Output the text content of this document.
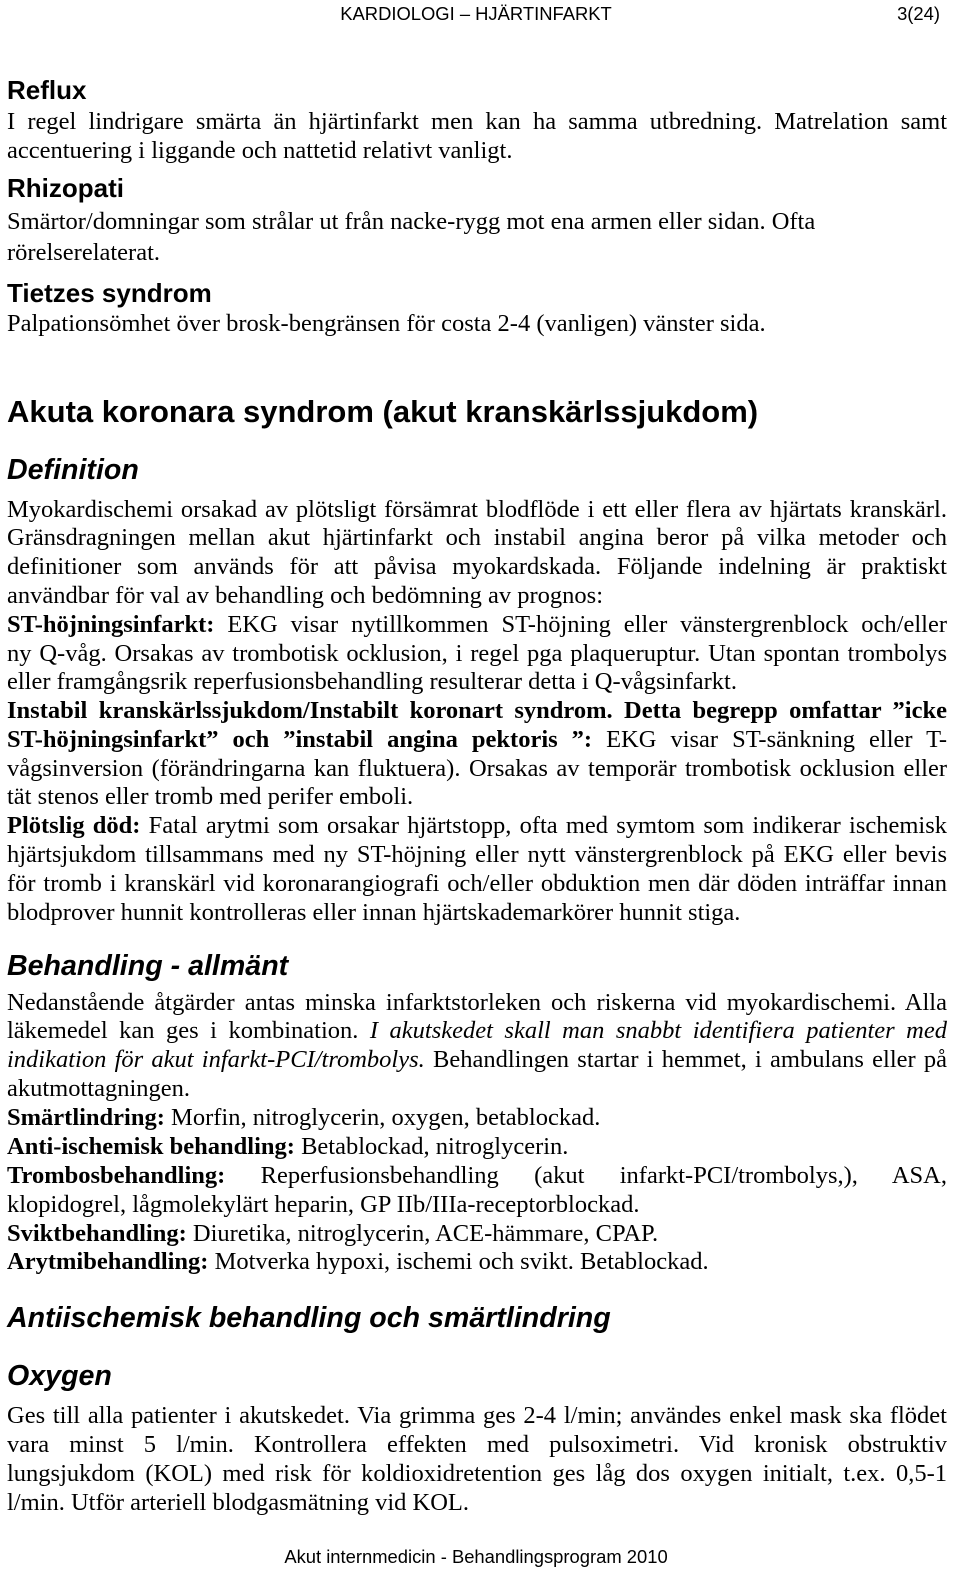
KARDIOLOGI – HJÄRTINFARKT	3(24)
Reflux
I regel lindrigare smärta än hjärtinfarkt men kan ha samma utbredning. Matrelation samt
accentuering i liggande och nattetid relativt vanligt.
Rhizopati
Smärtor/domningar som strålar ut från nacke-rygg mot ena armen eller sidan. Ofta
rörelserelaterat.
Tietzes syndrom
Palpationsömhet över brosk-bengränsen för costa 2-4 (vanligen) vänster sida.
Akuta koronara syndrom (akut kranskärlssjukdom)
Definition
Myokardischemi orsakad av plötsligt försämrat blodflöde i ett eller flera av hjärtats kranskärl.
Gränsdragningen mellan akut hjärtinfarkt och instabil angina beror på vilka metoder och
definitioner som används för att påvisa myokardskada. Följande indelning är praktiskt
användbar för val av behandling och bedömning av prognos:
ST-höjningsinfarkt: EKG visar nytillkommen ST-höjning eller vänstergrenblock och/eller
ny Q-våg. Orsakas av trombotisk ocklusion, i regel pga plaqueruptur. Utan spontan trombolys
eller framgångsrik reperfusionsbehandling resulterar detta i Q-vågsinfarkt.
Instabil kranskärlssjukdom/Instabilt koronart syndrom. Detta begrepp omfattar ”icke
ST-höjningsinfarkt” och ”instabil angina pektoris ”: EKG visar ST-sänkning eller T-
vågsinversion (förändringarna kan fluktuera). Orsakas av temporär trombotisk ocklusion eller
tät stenos eller tromb med perifer emboli.
Plötslig död: Fatal arytmi som orsakar hjärtstopp, ofta med symtom som indikerar ischemisk
hjärtsjukdom tillsammans med ny ST-höjning eller nytt vänstergrenblock på EKG eller bevis
för tromb i kranskärl vid koronarangiografi och/eller obduktion men där döden inträffar innan
blodprover hunnit kontrolleras eller innan hjärtskademarkörer hunnit stiga.
Behandling - allmänt
Nedanstående åtgärder antas minska infarktstorleken och riskerna vid myokardischemi. Alla
läkemedel kan ges i kombination. I akutskedet skall man snabbt identifiera patienter med
indikation för akut infarkt-PCI/trombolys. Behandlingen startar i hemmet, i ambulans eller på
akutmottagningen.
Smärtlindring: Morfin, nitroglycerin, oxygen, betablockad.
Anti-ischemisk behandling: Betablockad, nitroglycerin.
Trombosbehandling: Reperfusionsbehandling (akut infarkt-PCI/trombolys,), ASA,
klopidogrel, lågmolekylärt heparin, GP IIb/IIIa-receptorblockad.
Sviktbehandling: Diuretika, nitroglycerin, ACE-hämmare, CPAP.
Arytmibehandling: Motverka hypoxi, ischemi och svikt. Betablockad.
Antiischemisk behandling och smärtlindring
Oxygen
Ges till alla patienter i akutskedet. Via grimma ges 2-4 l/min; användes enkel mask ska flödet
vara minst 5 l/min. Kontrollera effekten med pulsoximetri. Vid kronisk obstruktiv
lungsjukdom (KOL) med risk för koldioxidretention ges låg dos oxygen initialt, t.ex. 0,5-1
l/min. Utför arteriell blodgasmätning vid KOL.
Akut internmedicin - Behandlingsprogram 2010
